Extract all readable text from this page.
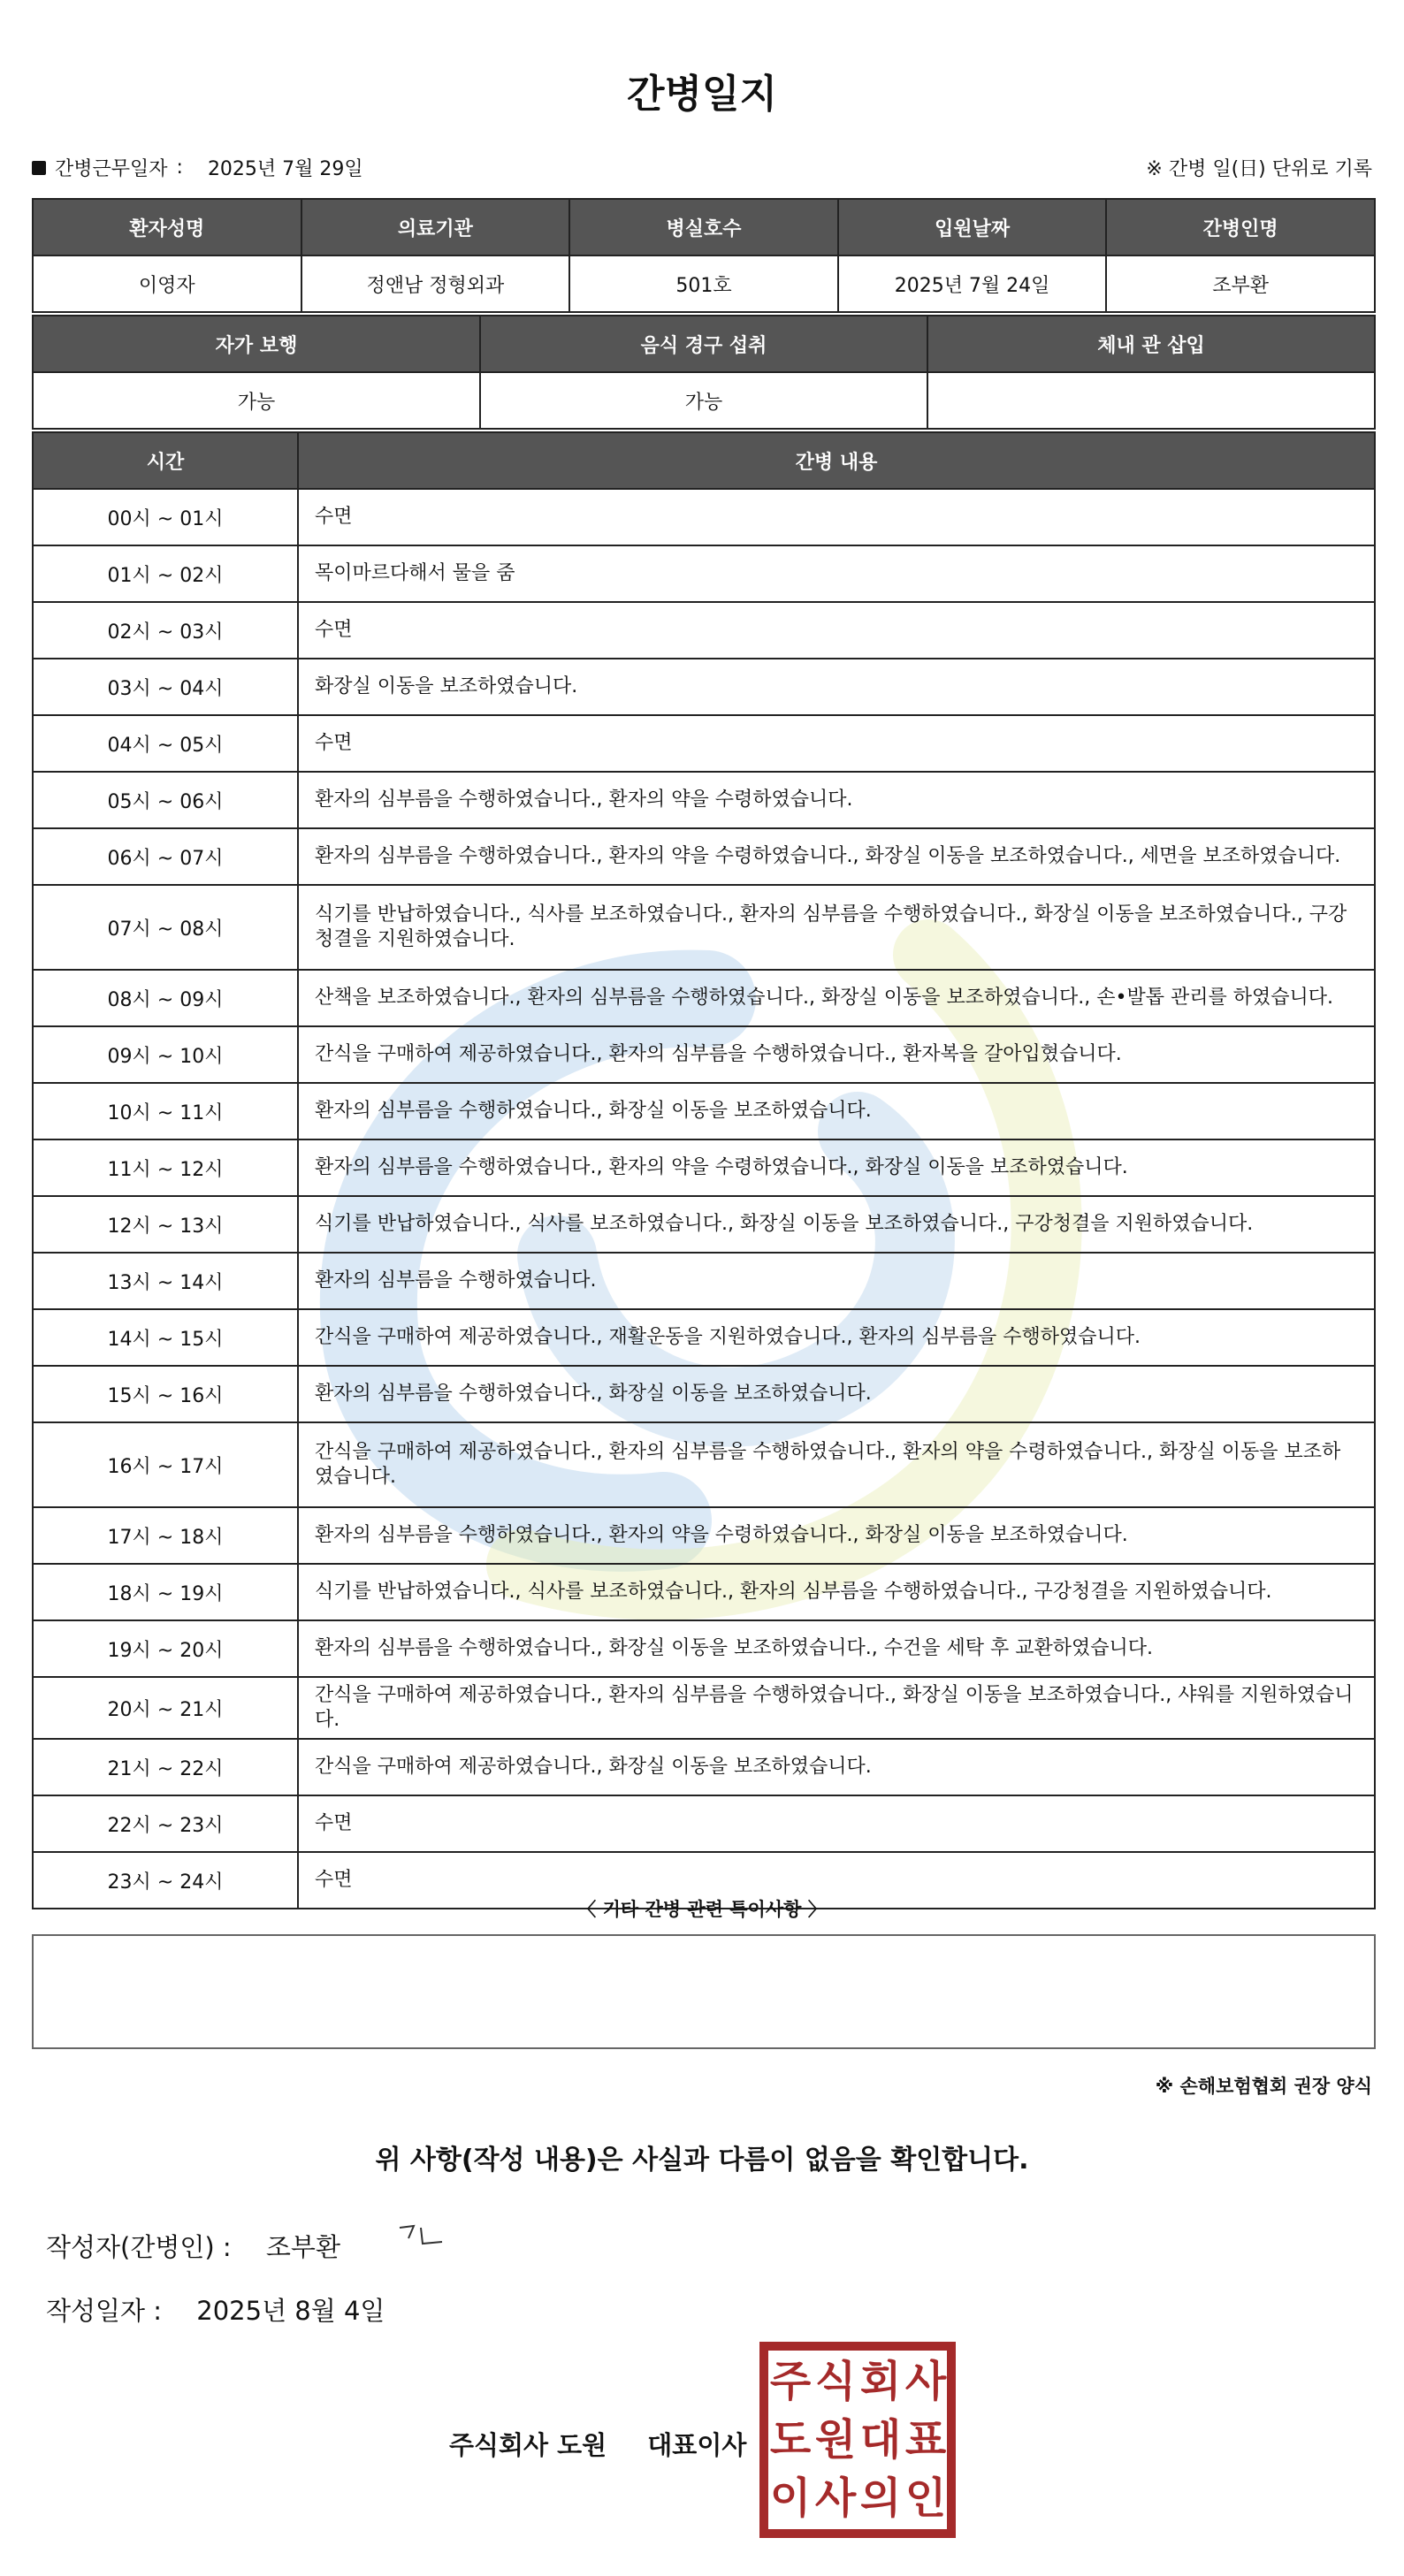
간병일지
간병근무일자 : 2025년 7월 29일	※ 간병 일(日) 단위로 기록
환자성명	의료기관	병실호수	입원날짜	간병인명
이영자	정앤남 정형외과	501호	2025년 7월 24일	조부환
자가 보행	음식 경구 섭취	체내 관 삽입
가능	가능	
시간	간병 내용
00시 ~ 01시	수면
01시 ~ 02시	목이마르다해서 물을 줌
02시 ~ 03시	수면
03시 ~ 04시	화장실 이동을 보조하였습니다.
04시 ~ 05시	수면
05시 ~ 06시	환자의 심부름을 수행하였습니다., 환자의 약을 수령하였습니다.
06시 ~ 07시	환자의 심부름을 수행하였습니다., 환자의 약을 수령하였습니다., 화장실 이동을 보조하였습니다., 세면을 보조하였습니다.
07시 ~ 08시	식기를 반납하였습니다., 식사를 보조하였습니다., 환자의 심부름을 수행하였습니다., 화장실 이동을 보조하였습니다., 구강청결을 지원하였습니다.
08시 ~ 09시	산책을 보조하였습니다., 환자의 심부름을 수행하였습니다., 화장실 이동을 보조하였습니다., 손•발톱 관리를 하였습니다.
09시 ~ 10시	간식을 구매하여 제공하였습니다., 환자의 심부름을 수행하였습니다., 환자복을 갈아입혔습니다.
10시 ~ 11시	환자의 심부름을 수행하였습니다., 화장실 이동을 보조하였습니다.
11시 ~ 12시	환자의 심부름을 수행하였습니다., 환자의 약을 수령하였습니다., 화장실 이동을 보조하였습니다.
12시 ~ 13시	식기를 반납하였습니다., 식사를 보조하였습니다., 화장실 이동을 보조하였습니다., 구강청결을 지원하였습니다.
13시 ~ 14시	환자의 심부름을 수행하였습니다.
14시 ~ 15시	간식을 구매하여 제공하였습니다., 재활운동을 지원하였습니다., 환자의 심부름을 수행하였습니다.
15시 ~ 16시	환자의 심부름을 수행하였습니다., 화장실 이동을 보조하였습니다.
16시 ~ 17시	간식을 구매하여 제공하였습니다., 환자의 심부름을 수행하였습니다., 환자의 약을 수령하였습니다., 화장실 이동을 보조하였습니다.
17시 ~ 18시	환자의 심부름을 수행하였습니다., 환자의 약을 수령하였습니다., 화장실 이동을 보조하였습니다.
18시 ~ 19시	식기를 반납하였습니다., 식사를 보조하였습니다., 환자의 심부름을 수행하였습니다., 구강청결을 지원하였습니다.
19시 ~ 20시	환자의 심부름을 수행하였습니다., 화장실 이동을 보조하였습니다., 수건을 세탁 후 교환하였습니다.
20시 ~ 21시	간식을 구매하여 제공하였습니다., 환자의 심부름을 수행하였습니다., 화장실 이동을 보조하였습니다., 샤워를 지원하였습니다.
21시 ~ 22시	간식을 구매하여 제공하였습니다., 화장실 이동을 보조하였습니다.
22시 ~ 23시	수면
23시 ~ 24시	수면
〈 기타 간병 관련 특이사항 〉
※ 손해보험협회 권장 양식
위 사항(작성 내용)은 사실과 다름이 없음을 확인합니다.
작성자(간병인) : 조부환
작성일자 : 2025년 8월 4일
주식회사 도원 대표이사
주 식 회 사
도 원 대 표
이 사 의 인
